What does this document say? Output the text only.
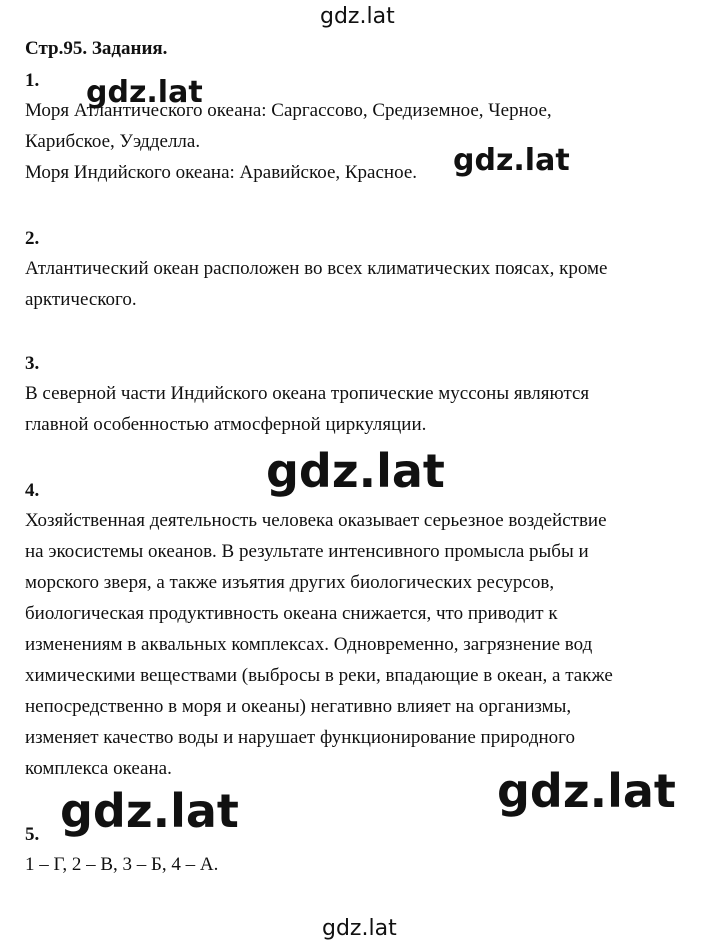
gdz.lat
Стр.95. Задания.
1.
Моря Атлантического океана: Саргассово, Средиземное, Черное,
Карибское, Уэдделла.
Моря Индийского океана: Аравийское, Красное.
2.
Атлантический океан расположен во всех климатических поясах, кроме
арктического.
3.
В северной части Индийского океана тропические муссоны являются
главной особенностью атмосферной циркуляции.
4.
Хозяйственная деятельность человека оказывает серьезное воздействие
на экосистемы океанов. В результате интенсивного промысла рыбы и
морского зверя, а также изъятия других биологических ресурсов,
биологическая продуктивность океана снижается, что приводит к
изменениям в аквальных комплексах. Одновременно, загрязнение вод
химическими веществами (выбросы в реки, впадающие в океан, а также
непосредственно в моря и океаны) негативно влияет на организмы,
изменяет качество воды и нарушает функционирование природного
комплекса океана.
5.
1 – Г, 2 – В, 3 – Б, 4 – А.
gdz.lat
gdz.lat
gdz.lat
gdz.lat	gdz.lat
gdz.lat
